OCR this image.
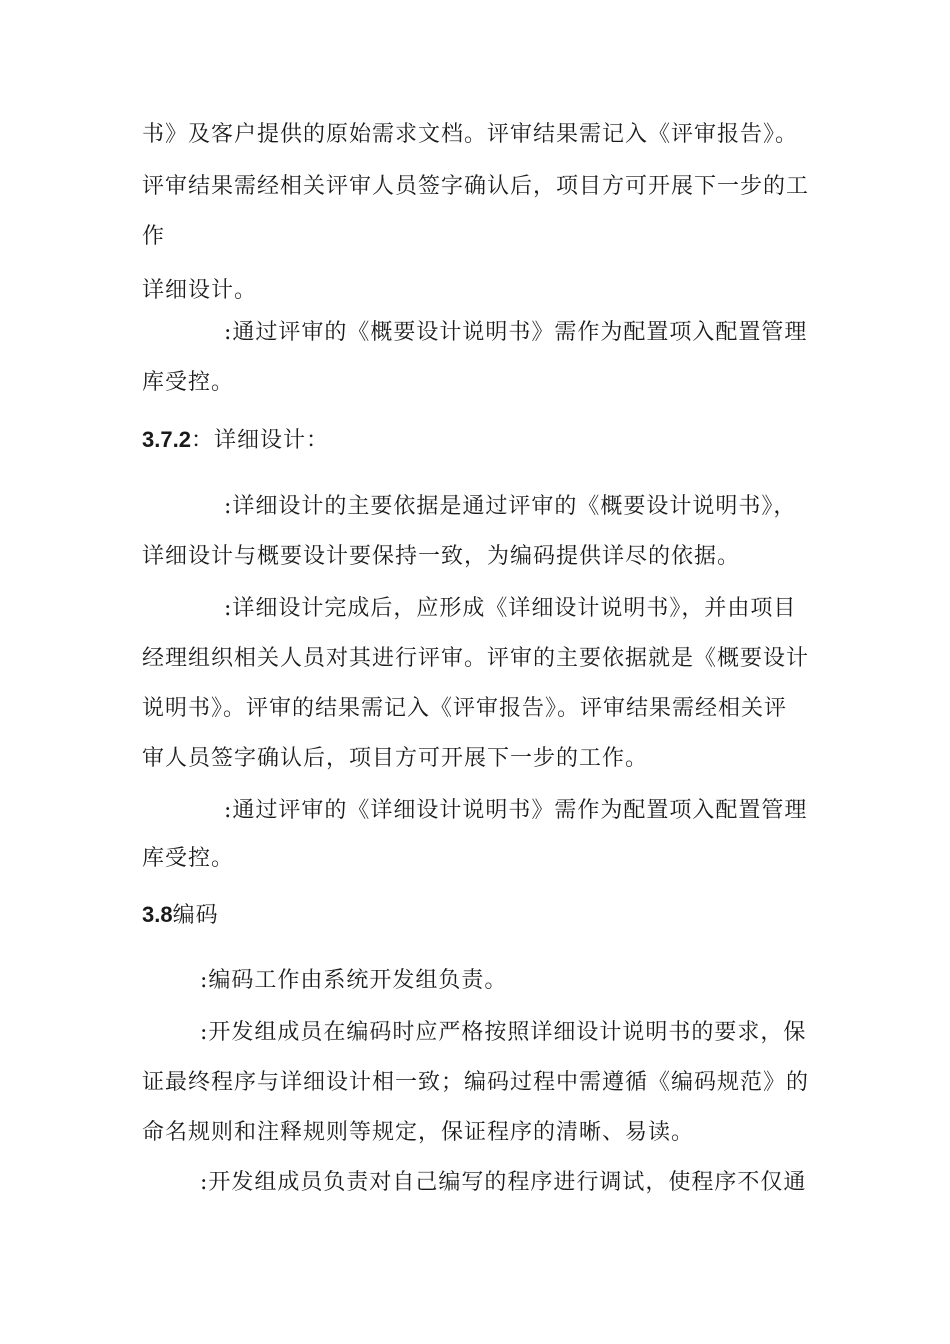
书》及客户提供的原始需求文档。评审结果需记入《评审报告》。
评审结果需经相关评审人员签字确认后，项目方可开展下一步的工
作
详细设计。
:通过评审的《概要设计说明书》需作为配置项入配置管理
库受控。
3.7.2：详细设计：
:详细设计的主要依据是通过评审的《概要设计说明书》，
详细设计与概要设计要保持一致，为编码提供详尽的依据。
:详细设计完成后，应形成《详细设计说明书》，并由项目
经理组织相关人员对其进行评审。评审的主要依据就是《概要设计
说明书》。评审的结果需记入《评审报告》。评审结果需经相关评
审人员签字确认后，项目方可开展下一步的工作。
:通过评审的《详细设计说明书》需作为配置项入配置管理
库受控。
3.8编码
:编码工作由系统开发组负责。
:开发组成员在编码时应严格按照详细设计说明书的要求，保
证最终程序与详细设计相一致；编码过程中需遵循《编码规范》的
命名规则和注释规则等规定，保证程序的清晰、易读。
:开发组成员负责对自己编写的程序进行调试，使程序不仅通
